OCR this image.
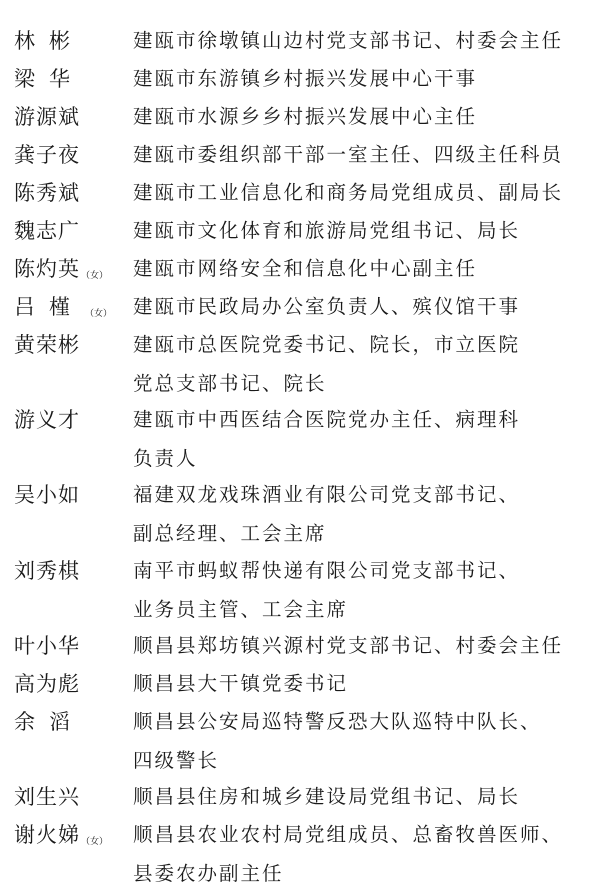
林彬	建瓯市徐墩镇山边村党支部书记、村委会主任
梁华	建瓯市东游镇乡村振兴发展中心干事
游源斌	建瓯市水源乡乡村振兴发展中心主任
龚子夜	建瓯市委组织部干部一室主任、四级主任科员
陈秀斌	建瓯市工业信息化和商务局党组成员、副局长
魏志广	建瓯市文化体育和旅游局党组书记、局长
陈灼英（女） 建瓯市网络安全和信息化中心副主任
吕槿（女） 建瓯市民政局办公室负责人、殡仪馆干事
黄荣彬	建瓯市总医院党委书记、院长，市立医院
党总支部书记、院长
游义才	建瓯市中西医结合医院党办主任、病理科
负责人
吴小如	福建双龙戏珠酒业有限公司党支部书记、
副总经理、工会主席
刘秀棋	南平市蚂蚁帮快递有限公司党支部书记、
业务员主管、工会主席
叶小华	顺昌县郑坊镇兴源村党支部书记、村委会主任
高为彪	顺昌县大干镇党委书记
余滔	顺昌县公安局巡特警反恐大队巡特中队长、
四级警长
刘生兴	顺昌县住房和城乡建设局党组书记、局长
谢火娣（女） 顺昌县农业农村局党组成员、总畜牧兽医师、
县委农办副主任
